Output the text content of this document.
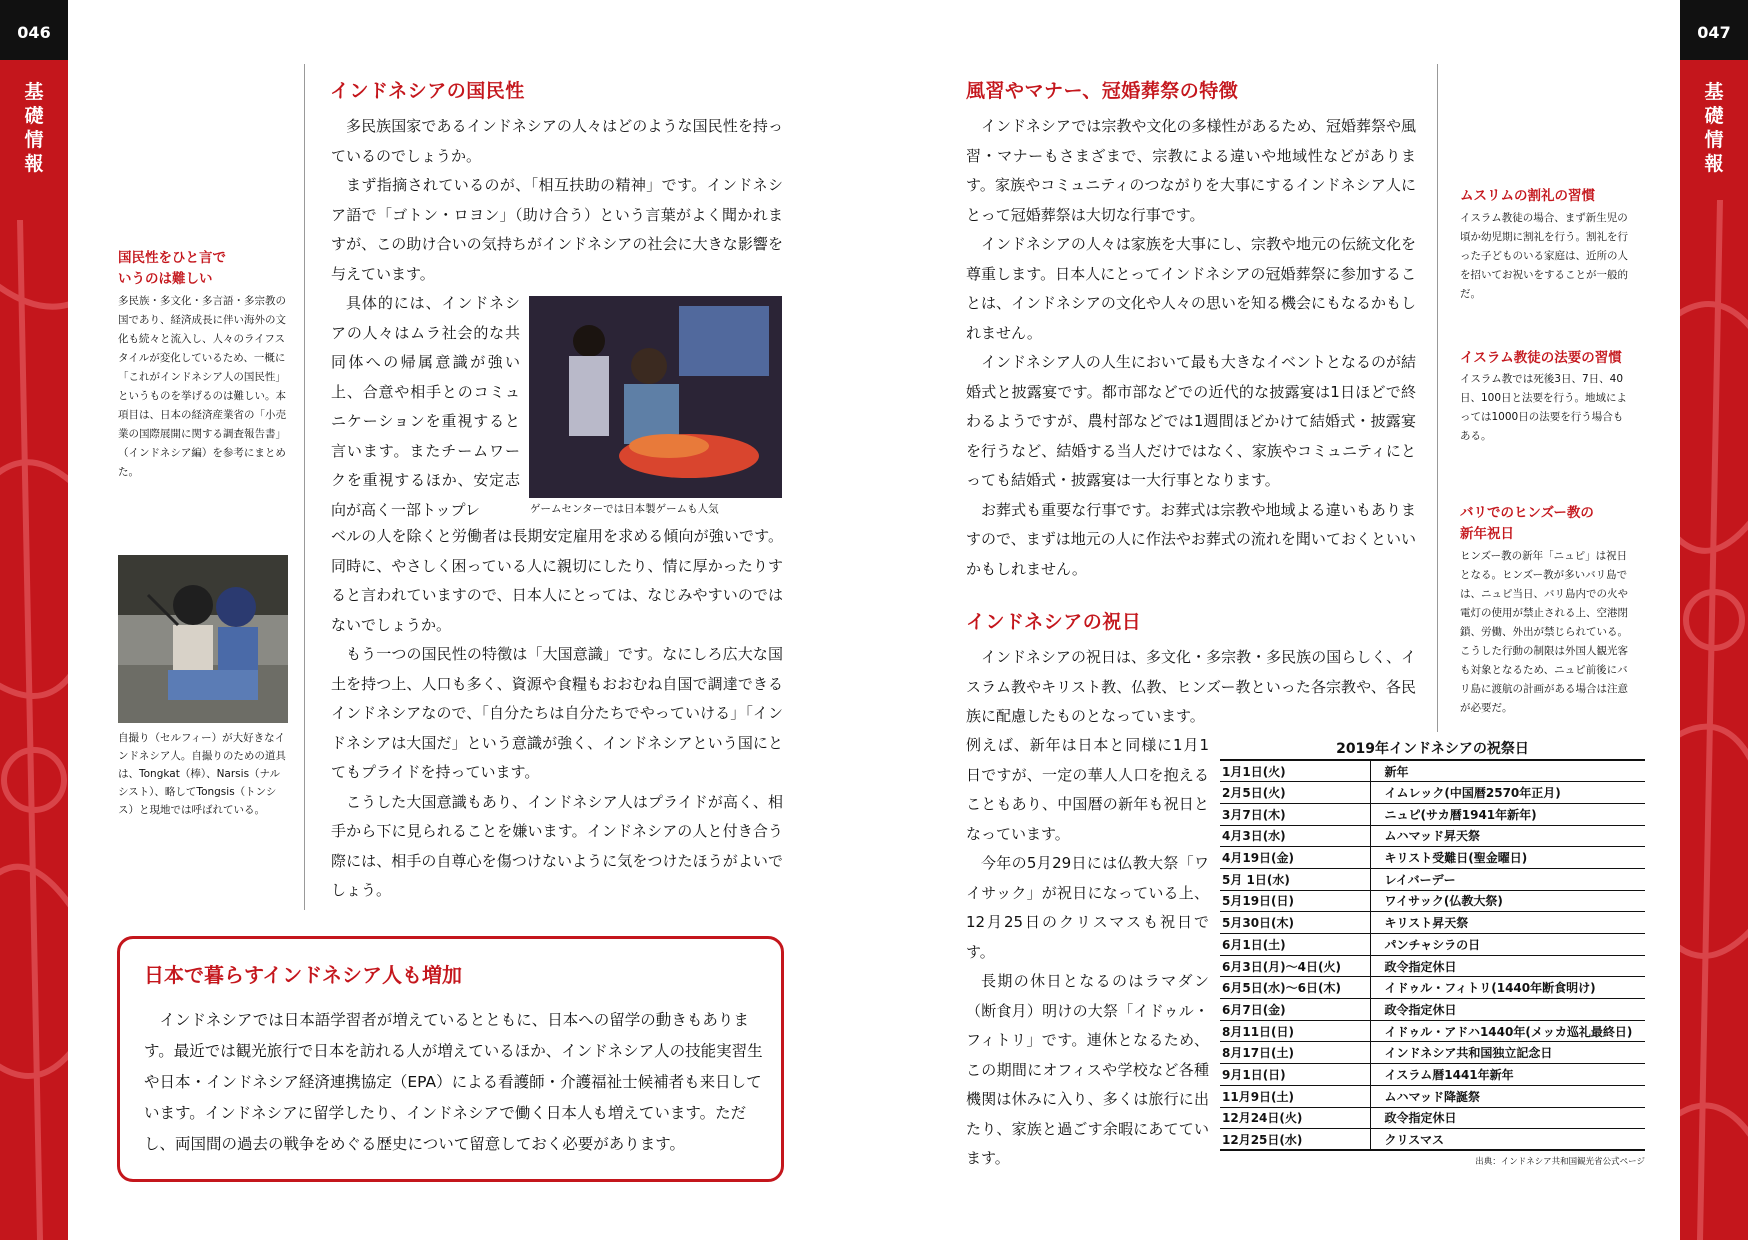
046
基
礎
情
報
047
基
礎
情
報
インドネシアの国民性

多民族国家であるインドネシアの人々はどのような国民性を持っているのでしょうか。

まず指摘されているのが、「相互扶助の精神」です。インドネシア語で「ゴトン・ロヨン」（助け合う）という言葉がよく聞かれますが、この助け合いの気持ちがインドネシアの社会に大きな影響を与えています。

具体的には、インドネシアの人々はムラ社会的な共同体への帰属意識が強い上、合意や相手とのコミュニケーションを重視すると言います。またチームワークを重視するほか、安定志向が高く一部トップレ	ゲームセンターでは日本製ゲームも人気

ベルの人を除くと労働者は長期安定雇用を求める傾向が強いです。同時に、やさしく困っている人に親切にしたり、情に厚かったりすると言われていますので、日本人にとっては、なじみやすいのではないでしょうか。

もう一つの国民性の特徴は「大国意識」です。なにしろ広大な国土を持つ上、人口も多く、資源や食糧もおおむね自国で調達できるインドネシアなので、「自分たちは自分たちでやっていける」「インドネシアは大国だ」という意識が強く、インドネシアという国にとてもプライドを持っています。

こうした大国意識もあり、インドネシア人はプライドが高く、相手から下に見られることを嫌います。インドネシアの人と付き合う際には、相手の自尊心を傷つけないように気をつけたほうがよいでしょう。

国民性をひと言でいうのは難しい
多民族・多文化・多言語・多宗教の国であり、経済成長に伴い海外の文化も続々と流入し、人々のライフスタイルが変化しているため、一概に「これがインドネシア人の国民性」というものを挙げるのは難しい。本項目は、日本の経済産業省の「小売業の国際展開に関する調査報告書」（インドネシア編）を参考にまとめた。
自撮り（セルフィー）が大好きなインドネシア人。自撮りのための道具は、Tongkat（棒）、Narsis（ナルシスト）、略してTongsis（トンシス）と現地では呼ばれている。
日本で暮らすインドネシア人も増加

インドネシアでは日本語学習者が増えているとともに、日本への留学の動きもあります。最近では観光旅行で日本を訪れる人が増えているほか、インドネシア人の技能実習生や日本・インドネシア経済連携協定（EPA）による看護師・介護福祉士候補者も来日しています。インドネシアに留学したり、インドネシアで働く日本人も増えています。ただし、両国間の過去の戦争をめぐる歴史について留意しておく必要があります。

風習やマナー、冠婚葬祭の特徴

インドネシアでは宗教や文化の多様性があるため、冠婚葬祭や風習・マナーもさまざまで、宗教による違いや地域性などがあります。家族やコミュニティのつながりを大事にするインドネシア人にとって冠婚葬祭は大切な行事です。

インドネシアの人々は家族を大事にし、宗教や地元の伝統文化を尊重します。日本人にとってインドネシアの冠婚葬祭に参加することは、インドネシアの文化や人々の思いを知る機会にもなるかもしれません。

インドネシア人の人生において最も大きなイベントとなるのが結婚式と披露宴です。都市部などでの近代的な披露宴は1日ほどで終わるようですが、農村部などでは1週間ほどかけて結婚式・披露宴を行うなど、結婚する当人だけではなく、家族やコミュニティにとっても結婚式・披露宴は一大行事となります。

お葬式も重要な行事です。お葬式は宗教や地域よる違いもありますので、まずは地元の人に作法やお葬式の流れを聞いておくといいかもしれません。

インドネシアの祝日

インドネシアの祝日は、多文化・多宗教・多民族の国らしく、イスラム教やキリスト教、仏教、ヒンズー教といった各宗教や、各民族に配慮したものとなっています。

例えば、新年は日本と同様に1月1日ですが、一定の華人人口を抱えることもあり、中国暦の新年も祝日となっています。

今年の5月29日には仏教大祭「ワイサック」が祝日になっている上、12月25日のクリスマスも祝日です。

長期の休日となるのはラマダン（断食月）明けの大祭「イドゥル・フィトリ」です。連休となるため、この期間にオフィスや学校など各種機関は休みに入り、多くは旅行に出たり、家族と過ごす余暇にあてています。

ムスリムの割礼の習慣
イスラム教徒の場合、まず新生児の頃か幼児期に割礼を行う。割礼を行った子どものいる家庭は、近所の人を招いてお祝いをすることが一般的だ。
イスラム教徒の法要の習慣
イスラム教では死後3日、7日、40日、100日と法要を行う。地域によっては1000日の法要を行う場合もある。
バリでのヒンズー教の新年祝日
ヒンズー教の新年「ニュピ」は祝日となる。ヒンズー教が多いバリ島では、ニュピ当日、バリ島内での火や電灯の使用が禁止される上、空港閉鎖、労働、外出が禁じられている。こうした行動の制限は外国人観光客も対象となるため、ニュピ前後にバリ島に渡航の計画がある場合は注意が必要だ。
2019年インドネシアの祝祭日
1月1日(火)	新年
2月5日(火)	イムレック(中国暦2570年正月)
3月7日(木)	ニュピ(サカ暦1941年新年)
4月3日(水)	ムハマッド昇天祭
4月19日(金)	キリスト受難日(聖金曜日)
5月 1日(水)	レイバーデー
5月19日(日)	ワイサック(仏教大祭)
5月30日(木)	キリスト昇天祭
6月1日(土)	パンチャシラの日
6月3日(月)～4日(火)	政令指定休日
6月5日(水)～6日(木)	イドゥル・フィトリ(1440年断食明け)
6月7日(金)	政令指定休日
8月11日(日)	イドゥル・アドハ1440年(メッカ巡礼最終日)
8月17日(土)	インドネシア共和国独立記念日
9月1日(日)	イスラム暦1441年新年
11月9日(土)	ムハマッド降誕祭
12月24日(火)	政令指定休日
12月25日(水)	クリスマス
出典：インドネシア共和国観光省公式ページ
